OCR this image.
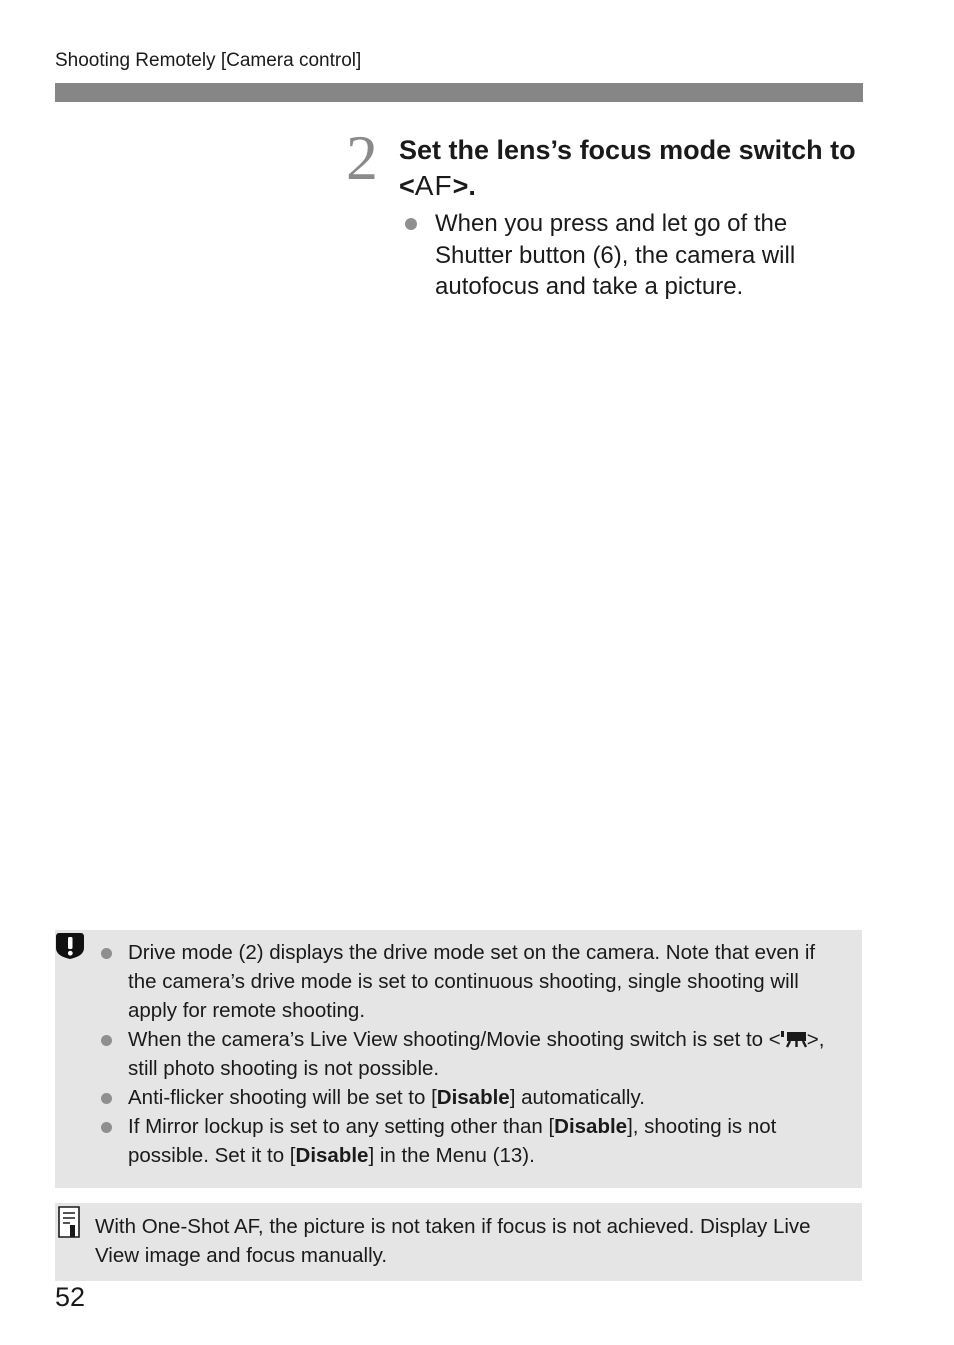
Shooting Remotely [Camera control]
2 Set the lens’s focus mode switch to <AF>.
When you press and let go of the Shutter button (6), the camera will autofocus and take a picture.
Drive mode (2) displays the drive mode set on the camera. Note that even if the camera’s drive mode is set to continuous shooting, single shooting will apply for remote shooting.
When the camera’s Live View shooting/Movie shooting switch is set to < >, still photo shooting is not possible.
Anti-flicker shooting will be set to [Disable] automatically.
If Mirror lockup is set to any setting other than [Disable], shooting is not possible. Set it to [Disable] in the Menu (13).
With One-Shot AF, the picture is not taken if focus is not achieved. Display Live View image and focus manually.
52
